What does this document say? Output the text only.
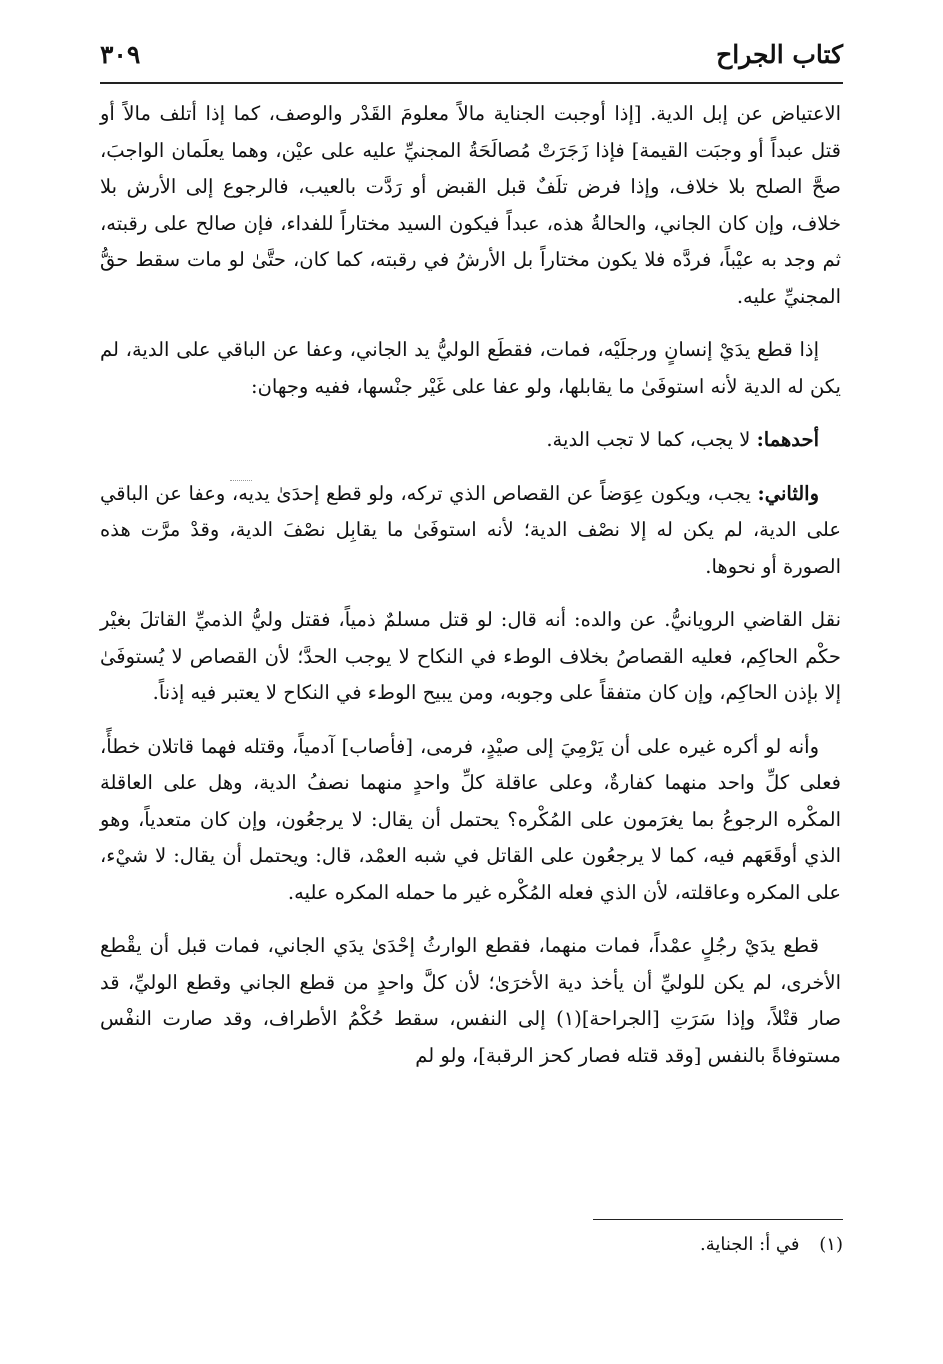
كتاب الجراح
٣٠٩

الاعتياض عن إبل الدية. [إذا أوجبت الجناية مالاً معلومَ القَدْر والوصف، كما إذا أتلف مالاً أو قتل عبداً أو وجبَت القيمة] فإذا زَجَرَتْ مُصالَحَةُ المجنيِّ عليه على عيْن، وهما يعلَمان الواجبَ، صحَّ الصلح بلا خلاف، وإذا فرض تلَفٌ قبل القبض أو رَدَّت بالعيب، فالرجوع إلى الأرش بلا خلاف، وإن كان الجاني، والحالةُ هذه، عبداً فيكون السيد مختاراً للفداء، فإن صالح على رقبته، ثم وجد به عيْباً، فردَّه فلا يكون مختاراً بل الأرشُ في رقبته، كما كان، حتَّىٰ لو مات سقط حقُّ المجنيِّ عليه.

إذا قطع يدَيْ إنسانٍ ورجلَيْه، فمات، فقطَع الوليُّ يد الجاني، وعفا عن الباقي على الدية، لم يكن له الدية لأنه استوفَىٰ ما يقابلها، ولو عفا على غَيْر جنْسها، ففيه وجهان:

أحدهما: لا يجب، كما لا تجب الدية.

والثاني: يجب، ويكون عِوَضاً عن القصاص الذي تركه، ولو قطع إحدَىٰ يديه، وعفا عن الباقي على الدية، لم يكن له إلا نصْف الدية؛ لأنه استوفَىٰ ما يقابِل نصْفَ الدية، وقدْ مرَّت هذه الصورة أو نحوها.

نقل القاضي الرويانيُّ. عن والده: أنه قال: لو قتل مسلمٌ ذمياً، فقتل وليُّ الذميِّ القاتلَ بغيْر حكْم الحاكِم، فعليه القصاصُ بخلاف الوطء في النكاح لا يوجب الحدَّ؛ لأن القصاص لا يُستوفَىٰ إلا بإذن الحاكِم، وإن كان متفقاً على وجوبه، ومن يبيح الوطء في النكاح لا يعتبر فيه إذناً.

وأنه لو أكره غيره على أن يَرْمِيَ إلى صيْدٍ، فرمى، [فأصاب] آدمياً، وقتله فهما قاتلان خطأً، فعلى كلِّ واحد منهما كفارةٌ، وعلى عاقلة كلِّ واحدٍ منهما نصفُ الدية، وهل على العاقلة المكْره الرجوعُ بما يغرَمون على المُكْره؟ يحتمل أن يقال: لا يرجعُون، وإن كان متعدياً، وهو الذي أوقَعَهم فيه، كما لا يرجعُون على القاتل في شبه العمْد، قال: ويحتمل أن يقال: لا شيْء، على المكره وعاقلته، لأن الذي فعله المُكْره غير ما حمله المكره عليه.

قطع يدَيْ رجُلٍ عمْداً، فمات منهما، فقطع الوارثُ إحْدَىٰ يدَي الجاني، فمات قبل أن يقْطع الأخرى، لم يكن للوليِّ أن يأخذ دية الأخرَىٰ؛ لأن كلَّ واحدٍ من قطع الجاني وقطع الوليِّ، قد صار قتْلاً، وإذا سَرَتِ [الجراحة](١) إلى النفس، سقط حُكْمُ الأطراف، وقد صارت النفْس مستوفاةً بالنفس [وقد قتله فصار كحز الرقبة]، ولو لم

(١) في أ: الجناية.
